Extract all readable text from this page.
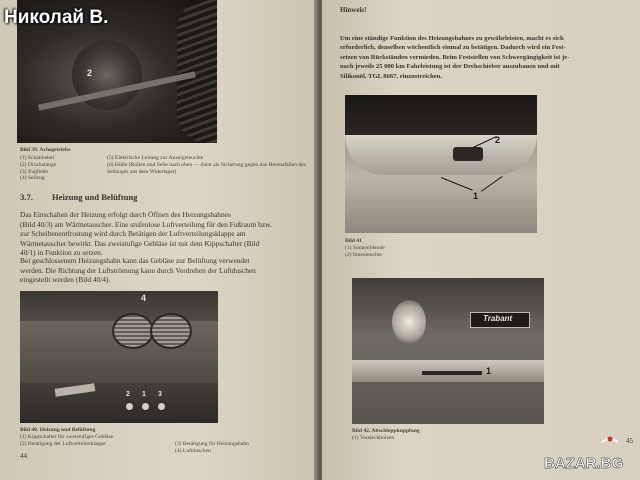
2
Bild 39. Achsgetriebe
(1) Schaltbebel
(2) Druckstange
(3) Zugfeder
(4) Seilzug
(5) Elektrische Leitung zur Anzeigeleuchte
(6) Hülle (Rollen und Seile nach oben — dient als Sicherung gegen das Herausfallen des Seilzuges aus dem Widerlager)
3.7. Heizung und Belüftung
Das Einschalten der Heizung erfolgt durch Öffnen des Heizungshahnes
(Bild 40/3) am Wärmetauscher. Eine stufenlose Luftverteilung für den Fußraum bzw.
zur Scheibenentfrostung wird durch Betätigen der Luftverteilungsklappe am
Wärmetauscher bewirkt. Das zweistufige Gebläse ist mit dem Kippschalter (Bild
40/1) in Funktion zu setzen.
Bei geschlossenem Heizungshahn kann das Gebläse zur Belüftung verwendet
werden. Die Richtung der Luftströmung kann durch Verdrehen der Luftduschen
eingestellt werden (Bild 40/4).
4
2 1 3
Bild 40. Heizung und Belüftung
(1) Kippschalter für zweistufiges Gebläse
(2) Betätigung der Luftverteilerklappe	(3) Betätigung für Heizungshahn
(4) Luftduschen
44
Hinweis!
Um eine ständige Funktion des Heizungshahnes zu gewährleisten, macht es sich
erforderlich, denselben wöchentlich einmal zu betätigen. Dadurch wird ein Fest-
setzen von Rückständen vermieden. Beim Feststellen von Schwergängigkeit ist je-
nach jeweils 25 000 km Fahrleistung ist der Drehschieber auszubauen und mit
Silikonöl, TGL 8667, einzustreichen.
2
1
Bild 41
(1) Sonnenblende
(2) Innenleuchte
Trabant
1
Bild 42. Abschleppkupplung
(1) Vorsteckbolzen	45
Николай В.
BAZAR.BG
